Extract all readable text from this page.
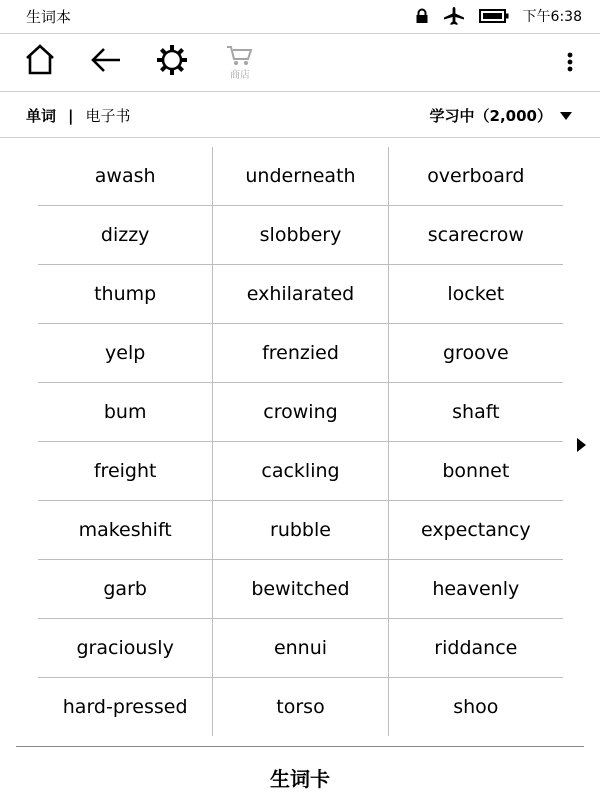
生词本	下午6:38
商店
单词 | 电子书	学习中（2,000）
awash	underneath	overboard
dizzy	slobbery	scarecrow
thump	exhilarated	locket
yelp	frenzied	groove
bum	crowing	shaft
freight	cackling	bonnet
makeshift	rubble	expectancy
garb	bewitched	heavenly
graciously	ennui	riddance
hard-pressed	torso	shoo
生词卡
